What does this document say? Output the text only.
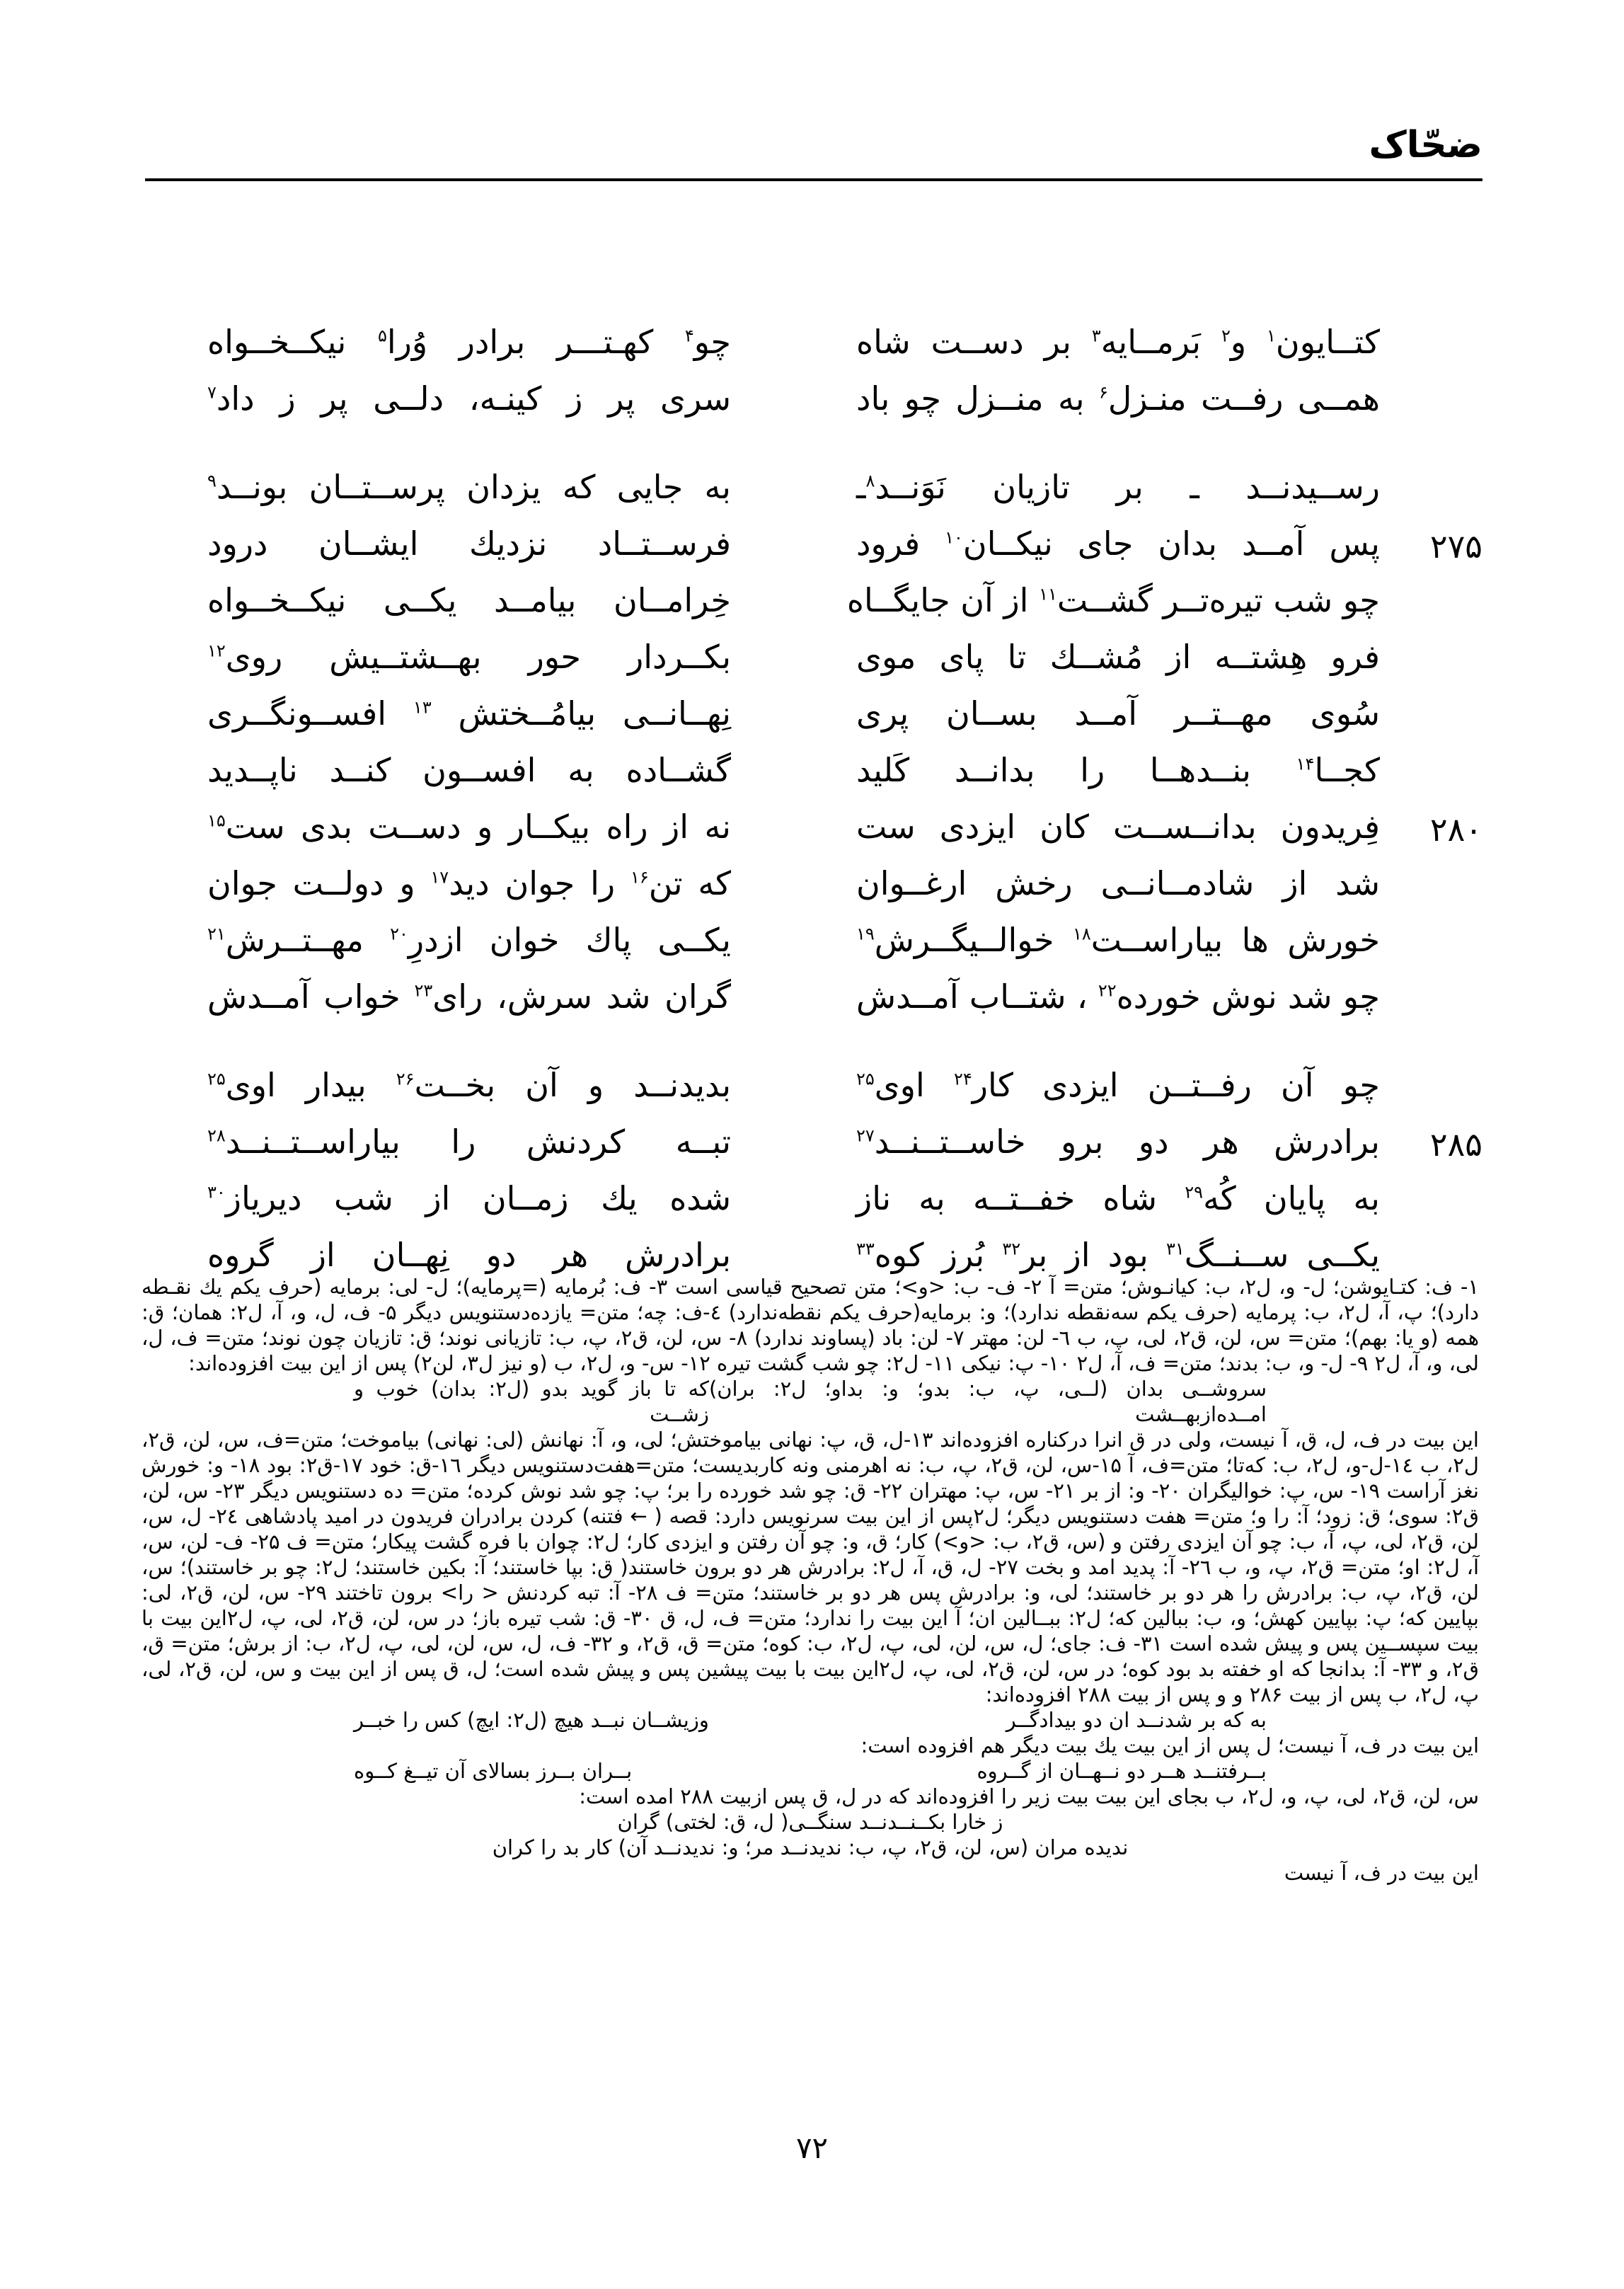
ضحّاک
کتــایون$^۱$ و$^۲$ بَرمــایه$^۳$ بر دســت شاه
چو$^۴$ کهـتـــر برادر وُرا$^۵$ نیکــخــواه
همــی رفــت منـزل$^۶$ به منــزل چو باد
سری پر ز کینـه، دلــی پر ز داد$^۷$
رســیدنــد ـ بر تازیان نَوَنــد$^۸$ـ
به جایی که یزدان پرســتــان بونــد$^۹$
پس آمــد بدان جای نیکــان$^{۱۰}$ فرود
فرســتــاد نزدیك ایشــان درود	۲۷۵
چو شب تیره‌تــر گشــت$^{۱۱}$ از آن جایگــاه
خِرامــان بیامــد یکــی نیکــخــواه
فرو هِشتــه از مُشــك تا پای موی
بکــردار حور بهــشتــیش روی$^{۱۲}$
سُوی مهــتــر آمــد بســان پری
نِهــانــی بیامُــختش $^{۱۳}$ افســونگــری
کجــا$^{۱۴}$ بنــدهــا را بدانــد کَلید
گشــاده به افســون کنــد ناپــدید
فِریدون بدانــســت کان ایزدی ست
نه از راه بیکــار و دســت بدی ست$^{۱۵}$	۲۸۰
شد از شادمــانــی رخش ارغــوان
که تن$^{۱۶}$ را جوان دید$^{۱۷}$ و دولــت جوان
خورش ها بیاراســت$^{۱۸}$ خوالــیگــرش$^{۱۹}$
یکــی پاك خوان ازدرِ$^{۲۰}$ مهــتــرش$^{۲۱}$
چو شد نوش خورده$^{۲۲}$ ، شتــاب آمــدش
گران شد سرش، رای$^{۲۳}$ خواب آمــدش
چو آن رفــتــن ایزدی کار$^{۲۴}$ اوی$^{۲۵}$
بدیدنــد و آن بخــت$^{۲۶}$ بیدار اوی$^{۲۵}$
برادرش هر دو برو خاســتــنــد$^{۲۷}$
تبــه کردنش را بیاراســتــنــد$^{۲۸}$	۲۸۵
به پایان کُه$^{۲۹}$ شاه خفــتــه به ناز
شده یك زمــان از شب دیریاز$^{۳۰}$
یکــی ســنــگ$^{۳۱}$ بود از بر$^{۳۲}$ بُرز کوه$^{۳۳}$
برادرش هر دو نِهــان از گروه

۱- ف: کتـایوشن؛ ل- و، ل۲، ب: کیانـوش؛ متن= آ ۲- ف- ب: <و>؛ متن تصحیح قیاسی است ۳- ف: بُرمایه (=پرمایه)؛ ل- لی: برمایه (حرف یکم یك نقـطه دارد)؛ پ، آ، ل۲، ب: پرمایه (حرف یکم سه‌نقطه ندارد)؛ و: برمایه(حرف یکم نقطه‌ندارد) ٤-ف: چه؛ متن= یازده‌دستنویس دیگر ۵- ف، ل، و، آ، ل۲: همان؛ ق: همه (و یا: بهم)؛ متن= س، لن، ق۲، لی، پ، ب ٦- لن: مهتر ۷- لن: باد (پساوند ندارد) ۸- س، لن، ق۲، پ، ب: تازیانی نوند؛ ق: تازیان چون نوند؛ متن= ف، ل، لی، و، آ، ل۲ ۹- ل- و، ب: بدند؛ متن= ف، آ، ل۲ ۱۰- پ: نیکی ۱۱- ل۲: چو شب گشت تیره ۱۲- س- و، ل۲، ب (و نیز ل۳، لن۲) پس از این بیت افزوده‌اند:

سروشــی بدان (لــی، پ، ب: بدو؛ و: بداو؛ ل۲: بران) امــده‌ازبهــشت
که تا باز گوید بدو (ل۲: بدان) خوب و زشــت

این بیت در ف، ل، ق، آ نیست، ولی در ق انرا درکناره افزوده‌اند ۱۳-ل، ق، پ: نهانی بیاموختش؛ لی، و، آ: نهانش (لی: نهانی) بیاموخت؛ متن=ف، س، لن، ق۲، ل۲، ب ١٤-ل-و، ل۲، ب: که‌تا؛ متن=ف، آ ۱۵-س، لن، ق۲، پ، ب: نه اهرمنی ونه کاربدیست؛ متن=هفت‌دستنویس دیگر ١٦-ق: خود ۱۷-ق۲: بود ۱۸- و: خورش نغز آراست ۱۹- س، پ: خوالیگران ۲۰- و: از بر ۲۱- س، پ: مهتران ۲۲- ق: چو شد خورده را بر؛ پ: چو شد نوش کرده؛ متن= ده دستنویس دیگر ۲۳- س، لن، ق۲: سوی؛ ق: زود؛ آ: را و؛ متن= هفت دستنویس دیگر؛ ل۲پس از این بیت سرنویس دارد: قصه ( ← فتنه) کردن برادران فریدون در امید پادشاهی ٢٤- ل، س، لن، ق۲، لی، پ، آ، ب: چو آن ایزدی رفتن و (س، ق۲، ب: <و>) کار؛ ق، و: چو آن رفتن و ایزدی کار؛ ل۲: چوان با فره گشت پیکار؛ متن= ف ۲۵- ف- لن، س، آ، ل۲: او؛ متن= ق۲، پ، و، ب ٢٦- آ: پدید امد و بخت ۲۷- ل، ق، آ، ل۲: برادرش هر دو برون خاستند( ق: بپا خاستند؛ آ: بکین خاستند؛ ل۲: چو بر خاستند)؛ س، لن، ق۲، پ، ب: برادرش را هر دو بر خاستند؛ لی، و: برادرش پس هر دو بر خاستند؛ متن= ف ۲۸- آ: تبه کردنش < را> برون تاختند ۲۹- س، لن، ق۲، لی: بپایین که؛ پ: بپایین کهش؛ و، ب: ببالین که؛ ل۲: ببــالین ان؛ آ این بیت را ندارد؛ متن= ف، ل، ق ۳۰- ق: شب تیره باز؛ در س، لن، ق۲، لی، پ، ل۲این بیت با بیت سپســین پس و پیش شده است ۳۱- ف: جای؛ ل، س، لن، لی، پ، ل۲، ب: کوه؛ متن= ق، ق۲، و ۳۲- ف، ل، س، لن، لی، پ، ل۲، ب: از برش؛ متن= ق، ق۲، و ۳۳- آ: بدانجا که او خفته بد بود کوه؛ در س، لن، ق۲، لی، پ، ل۲این بیت با بیت پیشین پس و پیش شده است؛ ل، ق پس از این بیت و س، لن، ق۲، لی، پ، ل۲، ب پس از بیت ۲۸۶ و و پس از بیت ۲۸۸ افزوده‌اند:

به که بر شدنــد ان دو بیدادگــر
وزیشــان نبــد هیچ (ل۲: ایچ) کس را خبــر

این بیت در ف، آ نیست؛ ل پس از این بیت یك بیت دیگر هم افزوده است:

بــرفتنــد هــر دو نــهــان از گــروه
بــران بــرز بسالای آن تیــغ کــوه

س، لن، ق۲، لی، پ، و، ل۲، ب بجای این بیت بیت زیر را افزوده‌اند که در ل، ق پس ازبیت ۲۸۸ امده است:

ز خارا بکــنــدنــد سنگــی( ل، ق: لختی) گران
ندیده مران (س، لن، ق۲، پ، ب: ندیدنــد مر؛ و: ندیدنــد آن) کار بد را کران

این بیت در ف، آ نیست

۷۲
